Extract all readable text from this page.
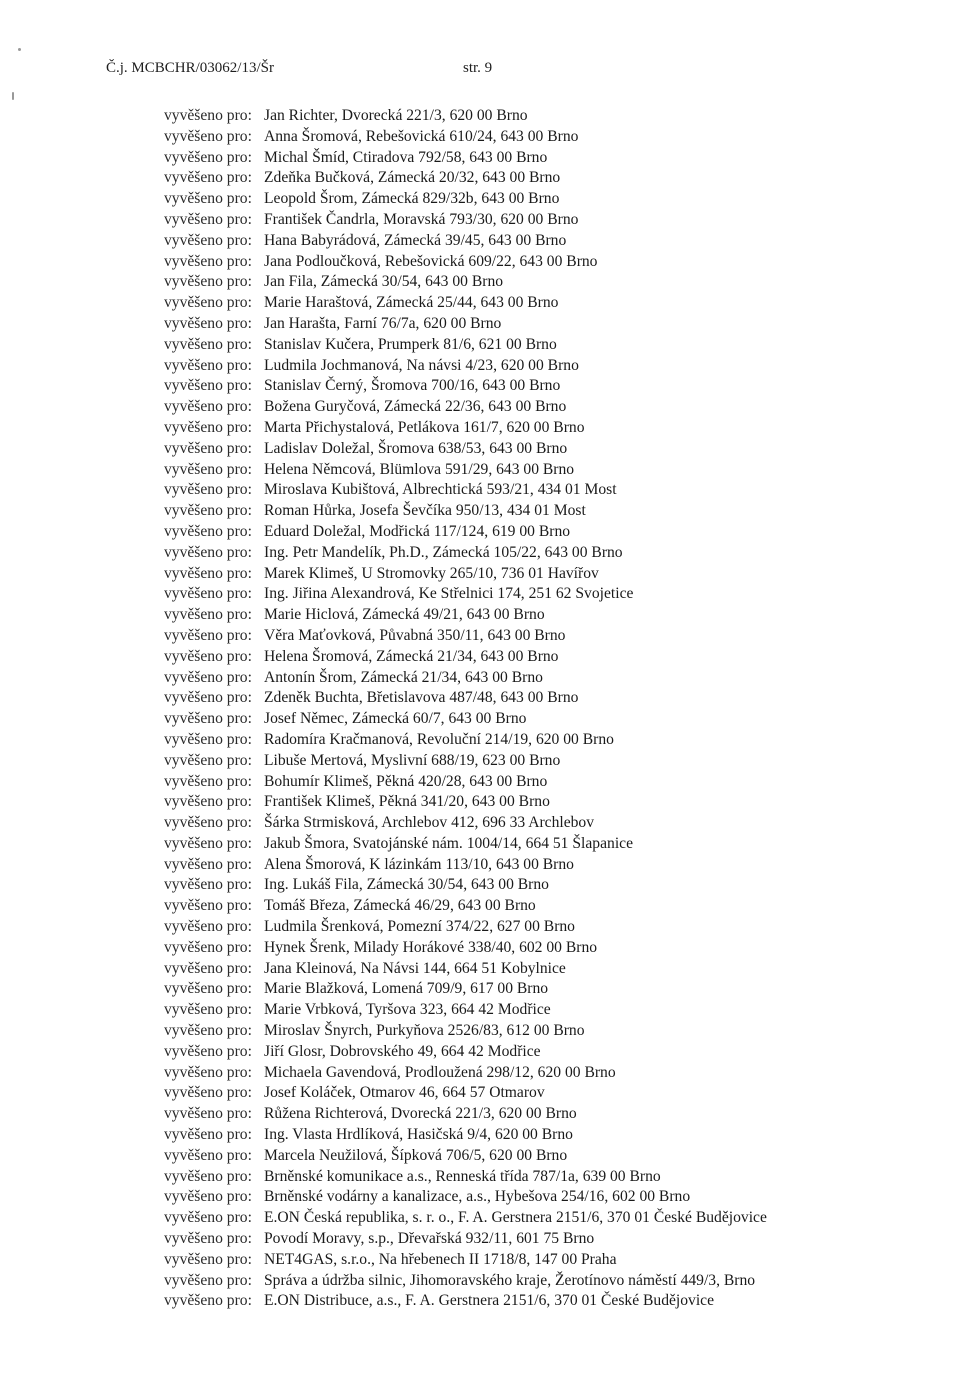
Č.j. MCBCHR/03062/13/Šr	str. 9
vyvěšeno pro: Jan Richter, Dvorecká 221/3, 620 00 Brno
vyvěšeno pro: Anna Šromová, Rebešovická 610/24, 643 00 Brno
vyvěšeno pro: Michal Šmíd, Ctiradova 792/58, 643 00 Brno
vyvěšeno pro: Zdeňka Bučková, Zámecká 20/32, 643 00 Brno
vyvěšeno pro: Leopold Šrom, Zámecká 829/32b, 643 00 Brno
vyvěšeno pro: František Čandrla, Moravská 793/30, 620 00 Brno
vyvěšeno pro: Hana Babyrádová, Zámecká 39/45, 643 00 Brno
vyvěšeno pro: Jana Podloučková, Rebešovická 609/22, 643 00 Brno
vyvěšeno pro: Jan Fila, Zámecká 30/54, 643 00 Brno
vyvěšeno pro: Marie Haraštová, Zámecká 25/44, 643 00 Brno
vyvěšeno pro: Jan Harašta, Farní 76/7a, 620 00 Brno
vyvěšeno pro: Stanislav Kučera, Prumperk 81/6, 621 00 Brno
vyvěšeno pro: Ludmila Jochmanová, Na návsi 4/23, 620 00 Brno
vyvěšeno pro: Stanislav Černý, Šromova 700/16, 643 00 Brno
vyvěšeno pro: Božena Guryčová, Zámecká 22/36, 643 00 Brno
vyvěšeno pro: Marta Přichystalová, Petlákova 161/7, 620 00 Brno
vyvěšeno pro: Ladislav Doležal, Šromova 638/53, 643 00 Brno
vyvěšeno pro: Helena Němcová, Blümlova 591/29, 643 00 Brno
vyvěšeno pro: Miroslava Kubištová, Albrechtická 593/21, 434 01 Most
vyvěšeno pro: Roman Hůrka, Josefa Ševčíka 950/13, 434 01 Most
vyvěšeno pro: Eduard Doležal, Modřická 117/124, 619 00 Brno
vyvěšeno pro: Ing. Petr Mandelík, Ph.D., Zámecká 105/22, 643 00 Brno
vyvěšeno pro: Marek Klimeš, U Stromovky 265/10, 736 01 Havířov
vyvěšeno pro: Ing. Jiřina Alexandrová, Ke Střelnici 174, 251 62 Svojetice
vyvěšeno pro: Marie Hiclová, Zámecká 49/21, 643 00 Brno
vyvěšeno pro: Věra Maťovková, Půvabná 350/11, 643 00 Brno
vyvěšeno pro: Helena Šromová, Zámecká 21/34, 643 00 Brno
vyvěšeno pro: Antonín Šrom, Zámecká 21/34, 643 00 Brno
vyvěšeno pro: Zdeněk Buchta, Břetislavova 487/48, 643 00 Brno
vyvěšeno pro: Josef Němec, Zámecká 60/7, 643 00 Brno
vyvěšeno pro: Radomíra Kračmanová, Revoluční 214/19, 620 00 Brno
vyvěšeno pro: Libuše Mertová, Myslivní 688/19, 623 00 Brno
vyvěšeno pro: Bohumír Klimeš, Pěkná 420/28, 643 00 Brno
vyvěšeno pro: František Klimeš, Pěkná 341/20, 643 00 Brno
vyvěšeno pro: Šárka Strmisková, Archlebov 412, 696 33 Archlebov
vyvěšeno pro: Jakub Šmora, Svatojánské nám. 1004/14, 664 51 Šlapanice
vyvěšeno pro: Alena Šmorová, K lázinkám 113/10, 643 00 Brno
vyvěšeno pro: Ing. Lukáš Fila, Zámecká 30/54, 643 00 Brno
vyvěšeno pro: Tomáš Březa, Zámecká 46/29, 643 00 Brno
vyvěšeno pro: Ludmila Šrenková, Pomezní 374/22, 627 00 Brno
vyvěšeno pro: Hynek Šrenk, Milady Horákové 338/40, 602 00 Brno
vyvěšeno pro: Jana Kleinová, Na Návsi 144, 664 51 Kobylnice
vyvěšeno pro: Marie Blažková, Lomená 709/9, 617 00 Brno
vyvěšeno pro: Marie Vrbková, Tyršova 323, 664 42 Modřice
vyvěšeno pro: Miroslav Šnyrch, Purkyňova 2526/83, 612 00 Brno
vyvěšeno pro: Jiří Glosr, Dobrovského 49, 664 42 Modřice
vyvěšeno pro: Michaela Gavendová, Prodloužená 298/12, 620 00 Brno
vyvěšeno pro: Josef Koláček, Otmarov 46, 664 57 Otmarov
vyvěšeno pro: Růžena Richterová, Dvorecká 221/3, 620 00 Brno
vyvěšeno pro: Ing. Vlasta Hrdlíková, Hasičská 9/4, 620 00 Brno
vyvěšeno pro: Marcela Neužilová, Šípková 706/5, 620 00 Brno
vyvěšeno pro: Brněnské komunikace a.s., Renneská třída 787/1a, 639 00 Brno
vyvěšeno pro: Brněnské vodárny a kanalizace, a.s., Hybešova 254/16, 602 00 Brno
vyvěšeno pro: E.ON Česká republika, s. r. o., F. A. Gerstnera 2151/6, 370 01 České Budějovice
vyvěšeno pro: Povodí Moravy, s.p., Dřevařská 932/11, 601 75 Brno
vyvěšeno pro: NET4GAS, s.r.o., Na hřebenech II 1718/8, 147 00 Praha
vyvěšeno pro: Správa a údržba silnic, Jihomoravského kraje, Žerotínovo náměstí 449/3, Brno
vyvěšeno pro: E.ON Distribuce, a.s., F. A. Gerstnera 2151/6, 370 01 České Budějovice
